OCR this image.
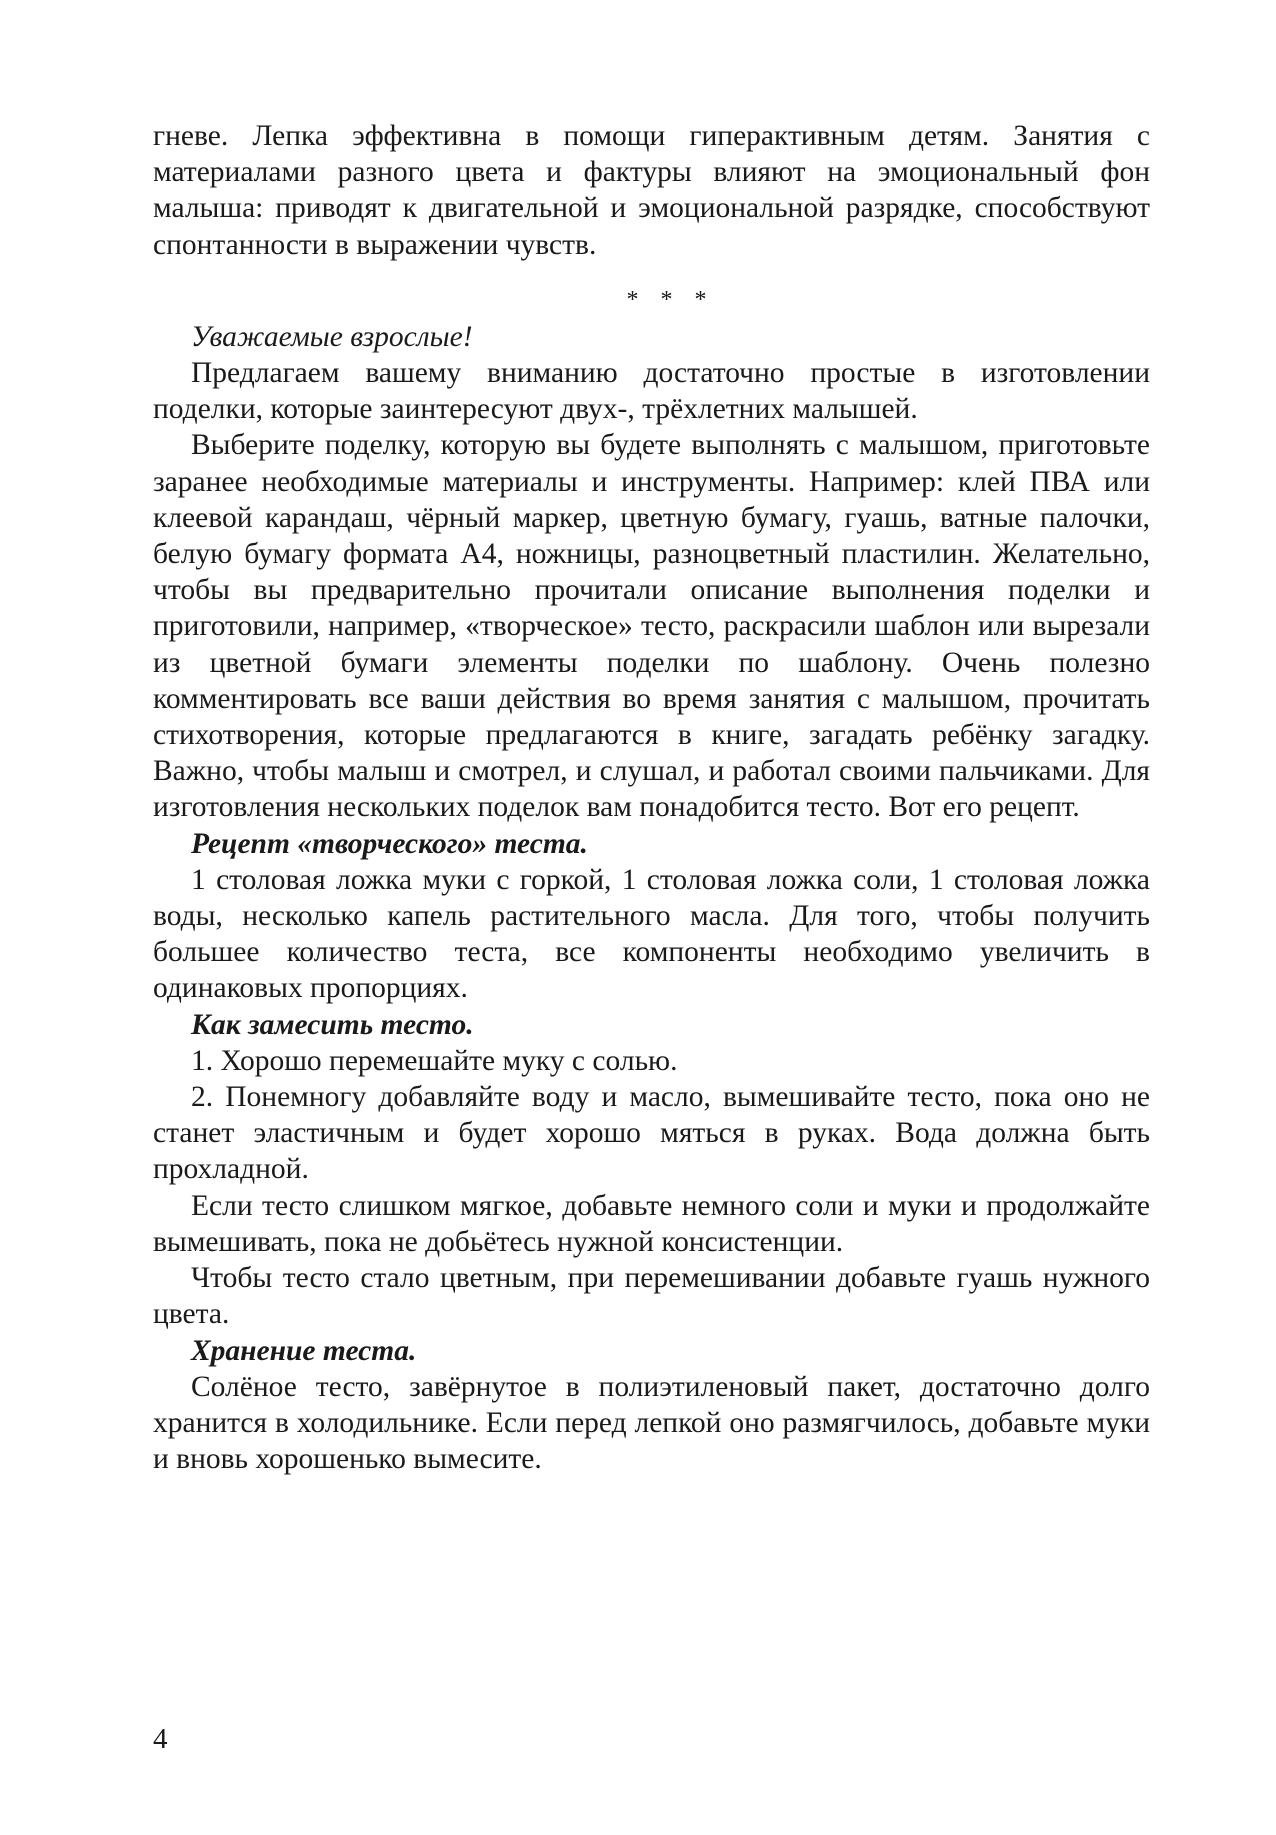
гневе. Лепка эффективна в помощи гиперактивным детям. Занятия с материалами разного цвета и фактуры влияют на эмоциональный фон малыша: приводят к двигательной и эмоциональной разрядке, способствуют спонтанности в выражении чувств.

* * *

Уважаемые взрослые!

Предлагаем вашему вниманию достаточно простые в изготовлении поделки, которые заинтересуют двух-, трёхлетних малышей.

Выберите поделку, которую вы будете выполнять с малышом, приготовьте заранее необходимые материалы и инструменты. Например: клей ПВА или клеевой карандаш, чёрный маркер, цветную бумагу, гуашь, ватные палочки, белую бумагу формата А4, ножницы, разноцветный пластилин. Желательно, чтобы вы предварительно прочитали описание выполнения поделки и приготовили, например, «творческое» тесто, раскрасили шаблон или вырезали из цветной бумаги элементы поделки по шаблону. Очень полезно комментировать все ваши действия во время занятия с малышом, прочитать стихотворения, которые предлагаются в книге, загадать ребёнку загадку. Важно, чтобы малыш и смотрел, и слушал, и работал своими пальчиками. Для изготовления нескольких поделок вам понадобится тесто. Вот его рецепт.

Рецепт «творческого» теста.

1 столовая ложка муки с горкой, 1 столовая ложка соли, 1 столовая ложка воды, несколько капель растительного масла. Для того, чтобы получить большее количество теста, все компоненты необходимо увеличить в одинаковых пропорциях.

Как замесить тесто.

1. Хорошо перемешайте муку с солью.

2. Понемногу добавляйте воду и масло, вымешивайте тесто, пока оно не станет эластичным и будет хорошо мяться в руках. Вода должна быть прохладной.

Если тесто слишком мягкое, добавьте немного соли и муки и продолжайте вымешивать, пока не добьётесь нужной консистенции.

Чтобы тесто стало цветным, при перемешивании добавьте гуашь нужного цвета.

Хранение теста.

Солёное тесто, завёрнутое в полиэтиленовый пакет, достаточно долго хранится в холодильнике. Если перед лепкой оно размягчилось, добавьте муки и вновь хорошенько вымесите.

4
